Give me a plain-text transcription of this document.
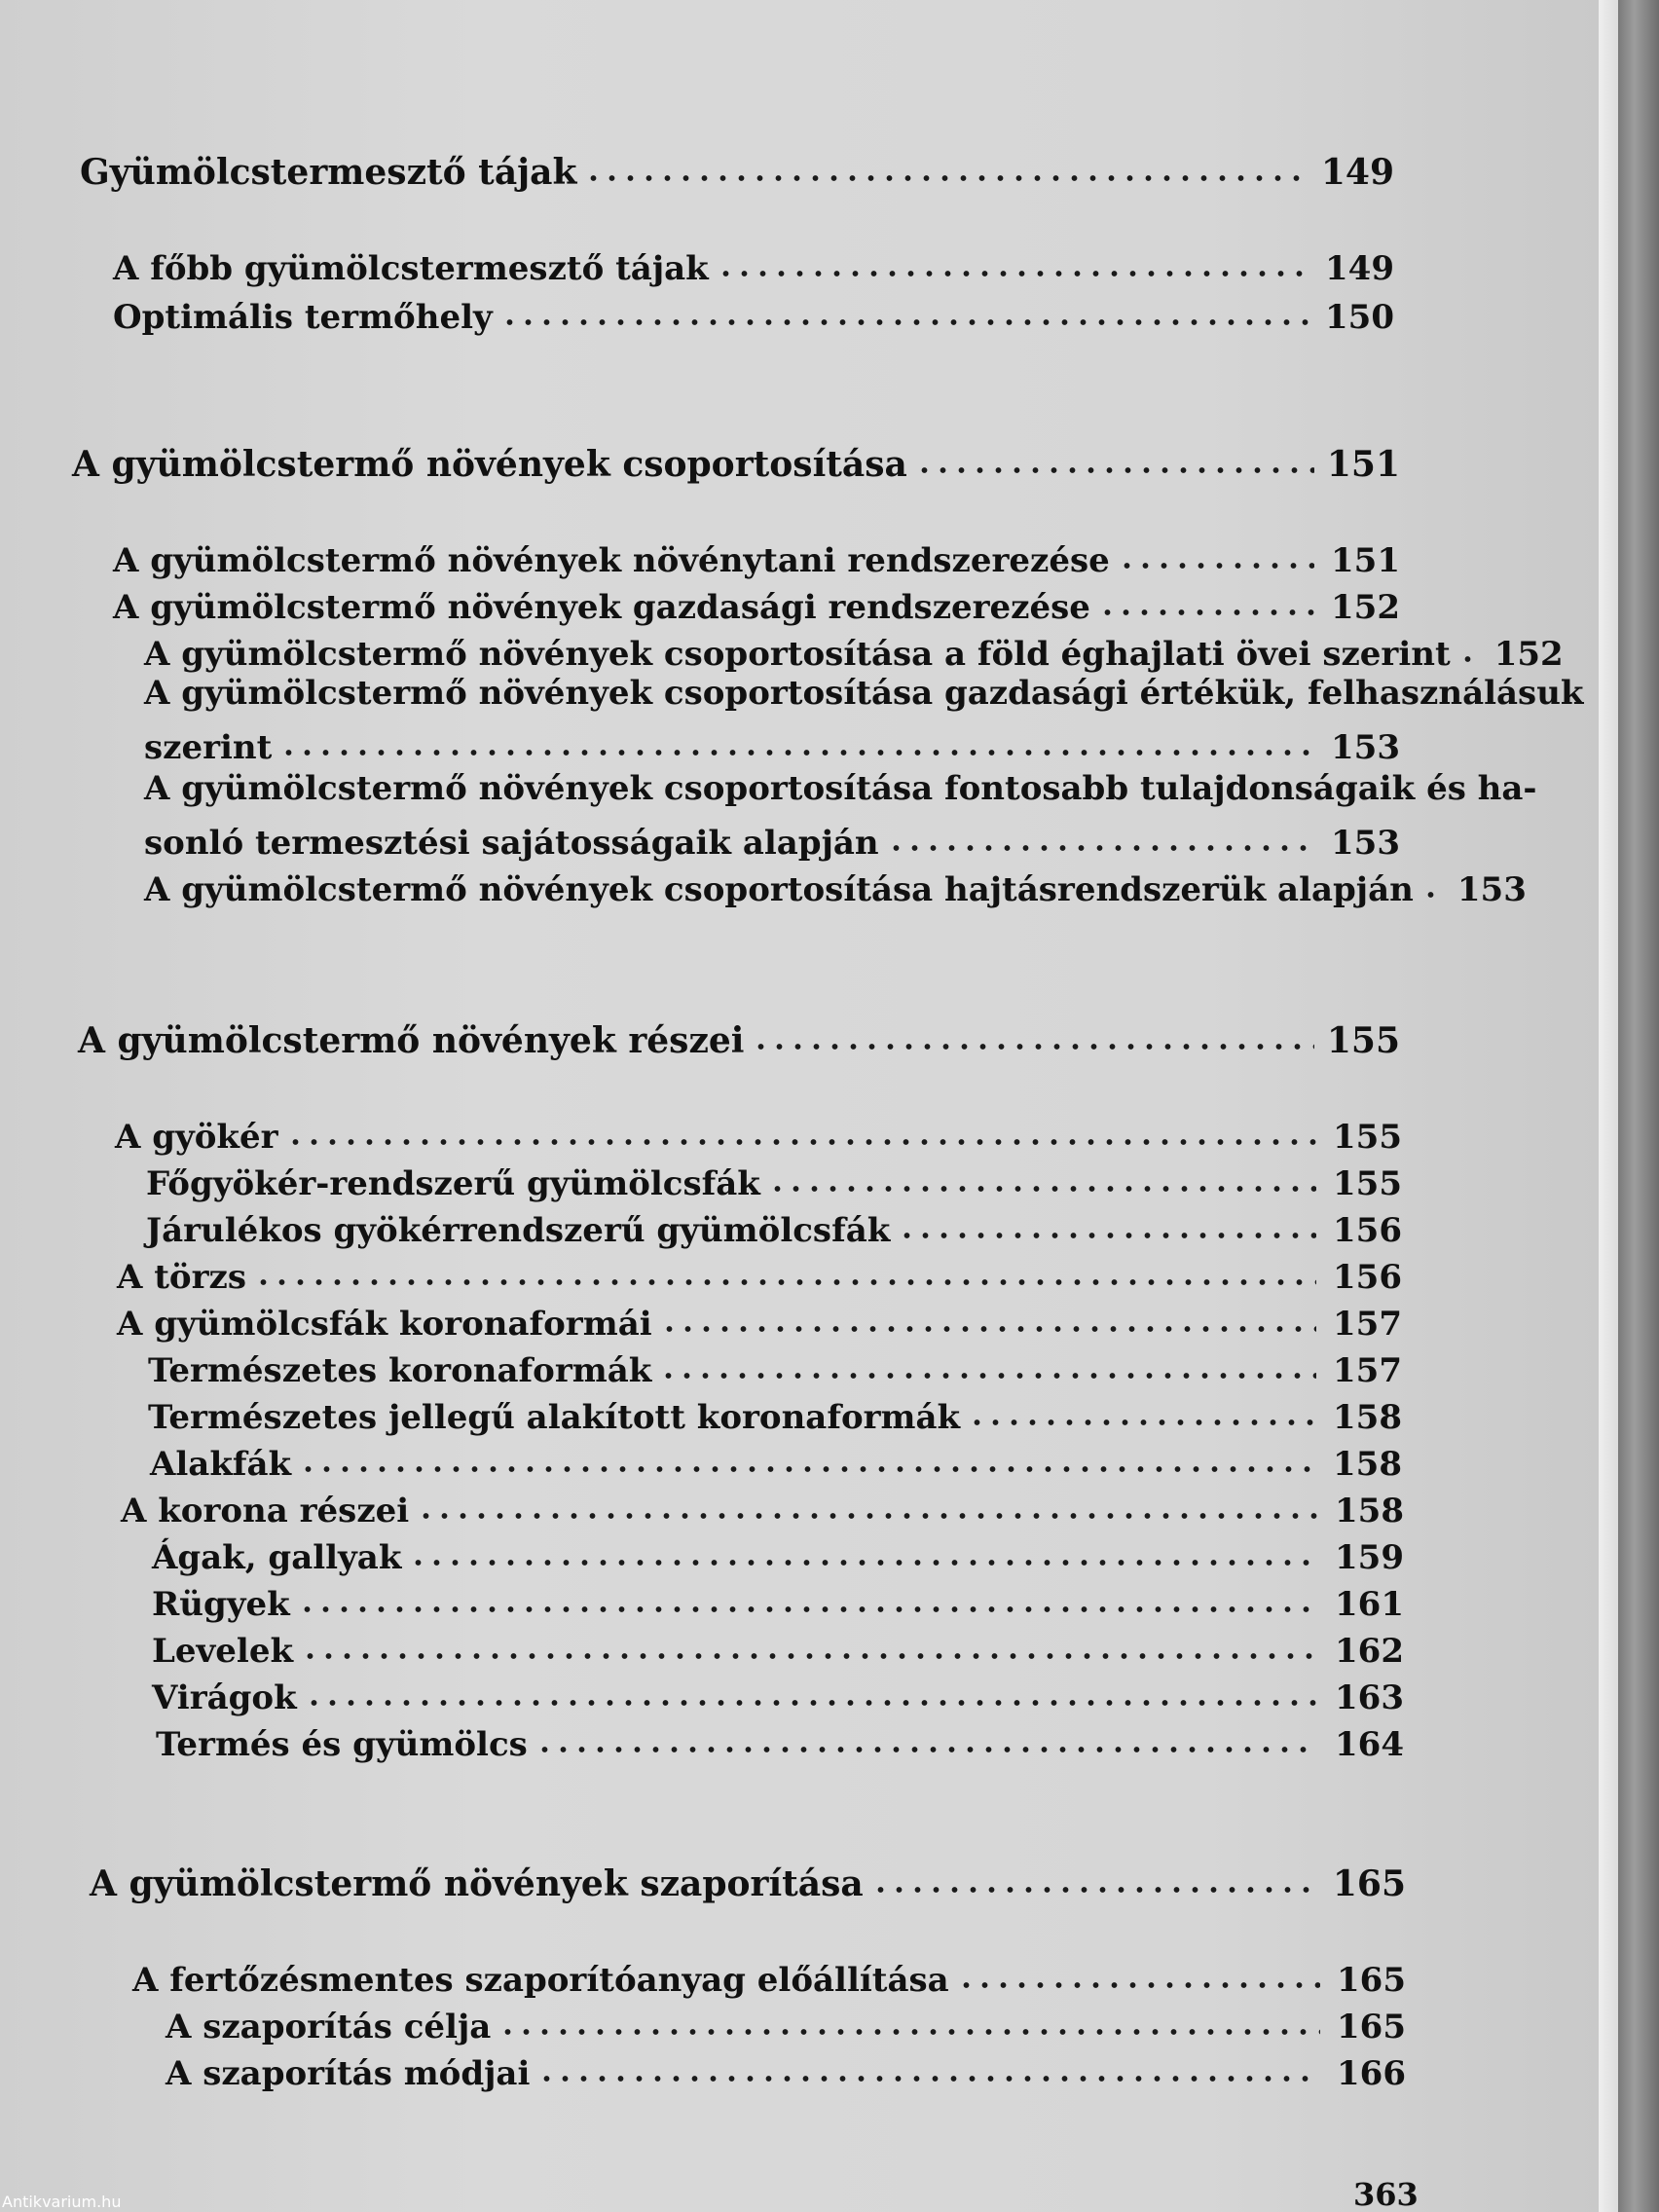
Gyümölcstermesztő tájak	149
A főbb gyümölcstermesztő tájak	149
Optimális termőhely	150
A gyümölcstermő növények csoportosítása	151
A gyümölcstermő növények növénytani rendszerezése	151
A gyümölcstermő növények gazdasági rendszerezése	152
A gyümölcstermő növények csoportosítása a föld éghajlati övei szerint 152
A gyümölcstermő növények csoportosítása gazdasági értékük, felhasználásuk
szerint	153
A gyümölcstermő növények csoportosítása fontosabb tulajdonságaik és ha-
sonló termesztési sajátosságaik alapján	153
A gyümölcstermő növények csoportosítása hajtásrendszerük alapján 153
A gyümölcstermő növények részei	155
A gyökér	155
Főgyökér-rendszerű gyümölcsfák	155
Járulékos gyökérrendszerű gyümölcsfák	156
A törzs	156
A gyümölcsfák koronaformái	157
Természetes koronaformák	157
Természetes jellegű alakított koronaformák	158
Alakfák	158
A korona részei	158
Ágak, gallyak	159
Rügyek	161
Levelek	162
Virágok	163
Termés és gyümölcs	164
A gyümölcstermő növények szaporítása	165
A fertőzésmentes szaporítóanyag előállítása	165
A szaporítás célja	165
A szaporítás módjai	166
363
Antikvarium.hu
